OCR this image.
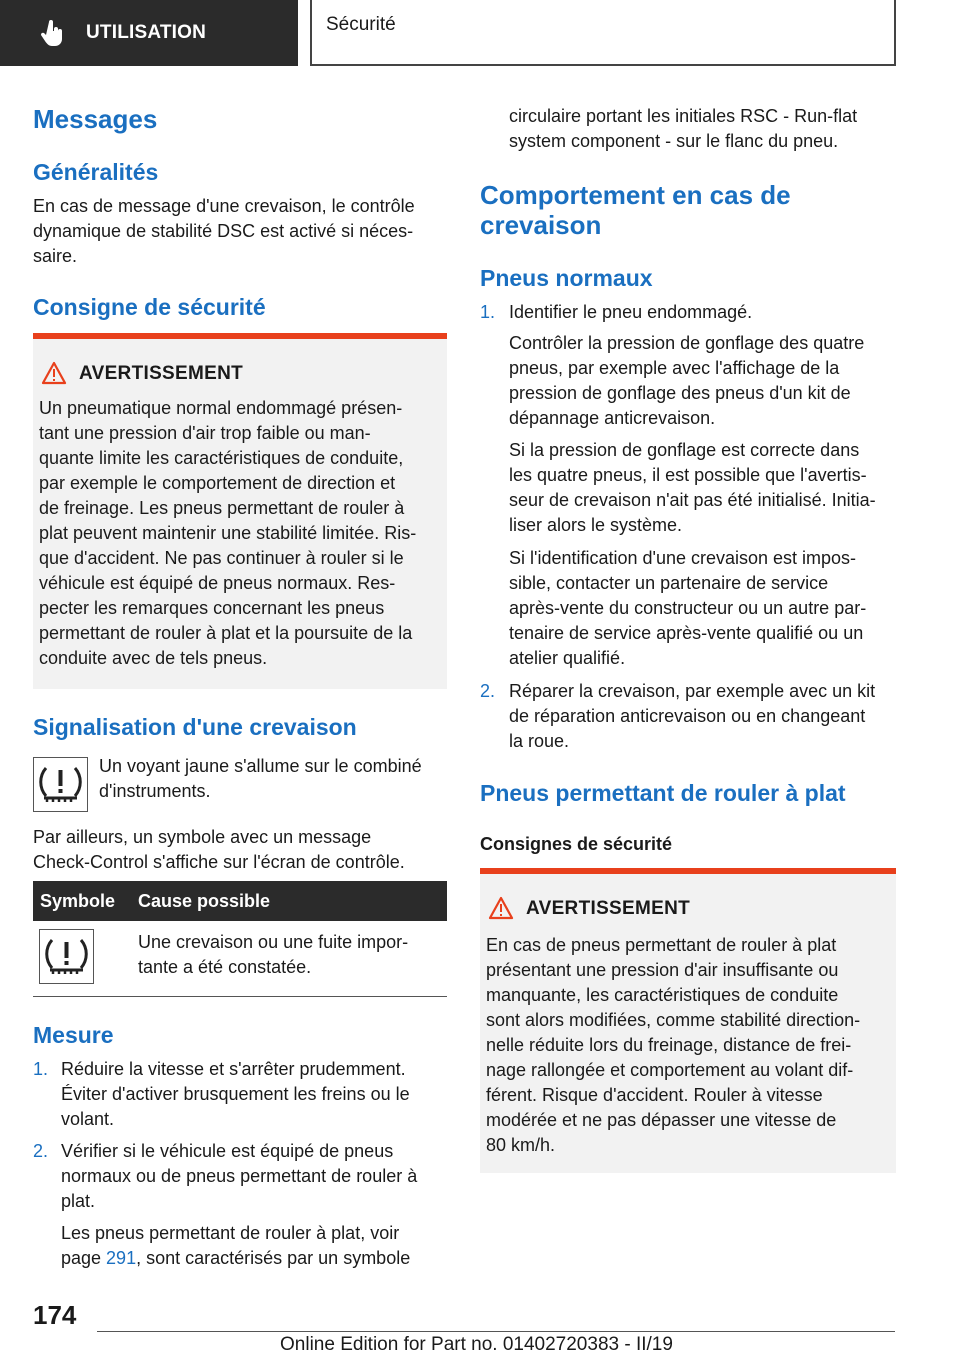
UTILISATION	Sécurité
Messages
Généralités
En cas de message d'une crevaison, le contrôle
dynamique de stabilité DSC est activé si néces-
saire.
Consigne de sécurité
AVERTISSEMENT
Un pneumatique normal endommagé présen-
tant une pression d'air trop faible ou man-
quante limite les caractéristiques de conduite,
par exemple le comportement de direction et
de freinage. Les pneus permettant de rouler à
plat peuvent maintenir une stabilité limitée. Ris-
que d'accident. Ne pas continuer à rouler si le
véhicule est équipé de pneus normaux. Res-
pecter les remarques concernant les pneus
permettant de rouler à plat et la poursuite de la
conduite avec de tels pneus.
Signalisation d'une crevaison
Un voyant jaune s'allume sur le combiné
d'instruments.
Par ailleurs, un symbole avec un message
Check-Control s'affiche sur l'écran de contrôle.
Symbole Cause possible
Une crevaison ou une fuite impor-
tante a été constatée.
Mesure
1. Réduire la vitesse et s'arrêter prudemment.
Éviter d'activer brusquement les freins ou le
volant.
2. Vérifier si le véhicule est équipé de pneus
normaux ou de pneus permettant de rouler à
plat.
Les pneus permettant de rouler à plat, voir
page 291, sont caractérisés par un symbole
circulaire portant les initiales RSC - Run-flat
system component - sur le flanc du pneu.
Comportement en cas de
crevaison
Pneus normaux
1. Identifier le pneu endommagé.
Contrôler la pression de gonflage des quatre
pneus, par exemple avec l'affichage de la
pression de gonflage des pneus d'un kit de
dépannage anticrevaison.
Si la pression de gonflage est correcte dans
les quatre pneus, il est possible que l'avertis-
seur de crevaison n'ait pas été initialisé. Initia-
liser alors le système.
Si l'identification d'une crevaison est impos-
sible, contacter un partenaire de service
après-vente du constructeur ou un autre par-
tenaire de service après-vente qualifié ou un
atelier qualifié.
2. Réparer la crevaison, par exemple avec un kit
de réparation anticrevaison ou en changeant
la roue.
Pneus permettant de rouler à plat
Consignes de sécurité
AVERTISSEMENT
En cas de pneus permettant de rouler à plat
présentant une pression d'air insuffisante ou
manquante, les caractéristiques de conduite
sont alors modifiées, comme stabilité direction-
nelle réduite lors du freinage, distance de frei-
nage rallongée et comportement au volant dif-
férent. Risque d'accident. Rouler à vitesse
modérée et ne pas dépasser une vitesse de
80 km/h.
174
Online Edition for Part no. 01402720383 - II/19
